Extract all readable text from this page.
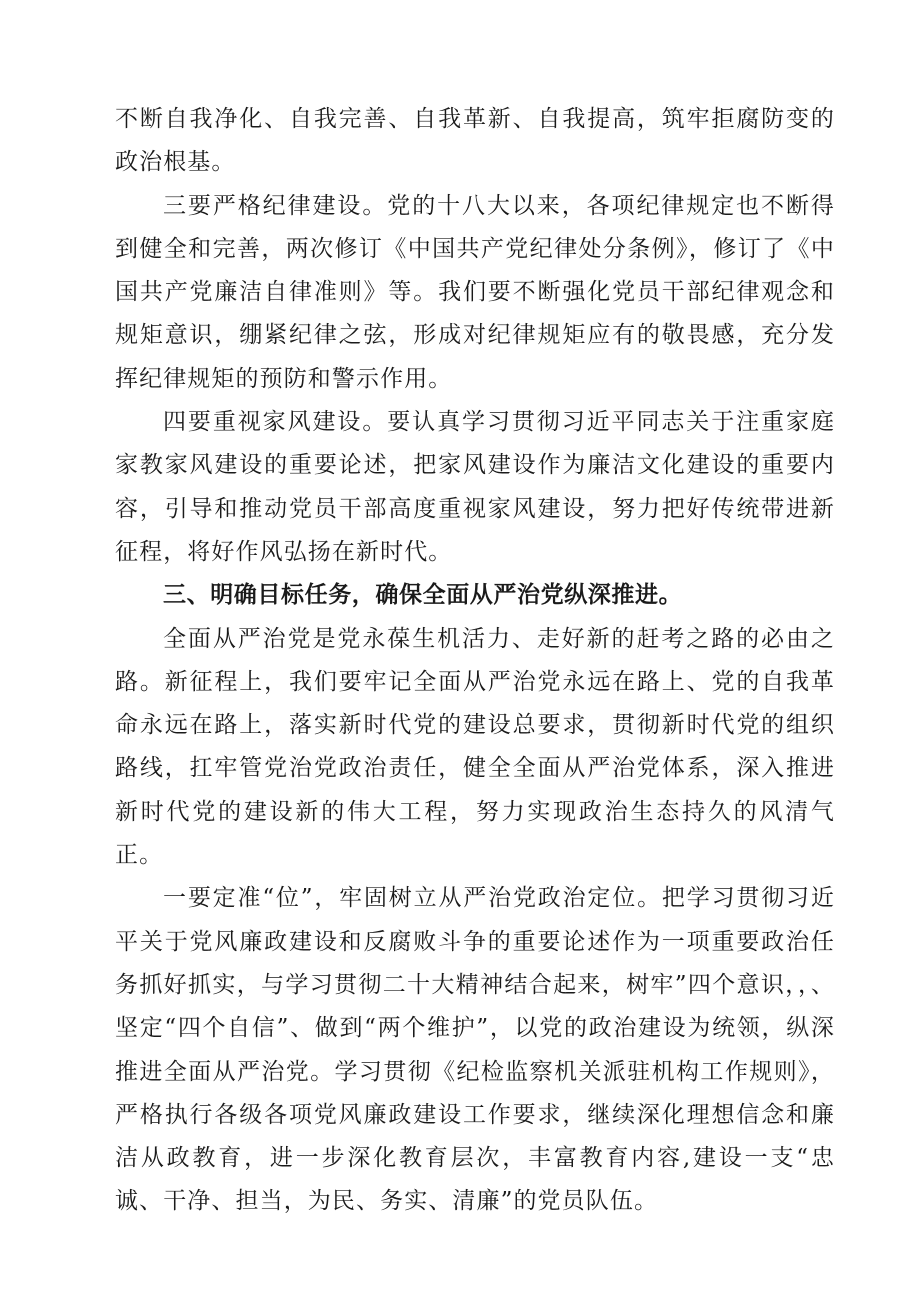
不断自我净化、自我完善、自我革新、自我提高，筑牢拒腐防变的政治根基。

三要严格纪律建设。党的十八大以来，各项纪律规定也不断得到健全和完善，两次修订《中国共产党纪律处分条例》，修订了《中国共产党廉洁自律准则》等。我们要不断强化党员干部纪律观念和规矩意识，绷紧纪律之弦，形成对纪律规矩应有的敬畏感，充分发挥纪律规矩的预防和警示作用。

四要重视家风建设。要认真学习贯彻习近平同志关于注重家庭家教家风建设的重要论述，把家风建设作为廉洁文化建设的重要内容，引导和推动党员干部高度重视家风建设，努力把好传统带进新征程，将好作风弘扬在新时代。

三、明确目标任务，确保全面从严治党纵深推进。

全面从严治党是党永葆生机活力、走好新的赶考之路的必由之路。新征程上，我们要牢记全面从严治党永远在路上、党的自我革命永远在路上，落实新时代党的建设总要求，贯彻新时代党的组织路线，扛牢管党治党政治责任，健全全面从严治党体系，深入推进新时代党的建设新的伟大工程，努力实现政治生态持久的风清气正。

一要定准“位”，牢固树立从严治党政治定位。把学习贯彻习近平关于党风廉政建设和反腐败斗争的重要论述作为一项重要政治任务抓好抓实，与学习贯彻二十大精神结合起来，树牢”四个意识，，、坚定“四个自信”、做到“两个维护”，以党的政治建设为统领，纵深推进全面从严治党。学习贯彻《纪检监察机关派驻机构工作规则》，严格执行各级各项党风廉政建设工作要求，继续深化理想信念和廉洁从政教育，进一步深化教育层次，丰富教育内容,建设一支“忠诚、干净、担当，为民、务实、清廉”的党员队伍。
